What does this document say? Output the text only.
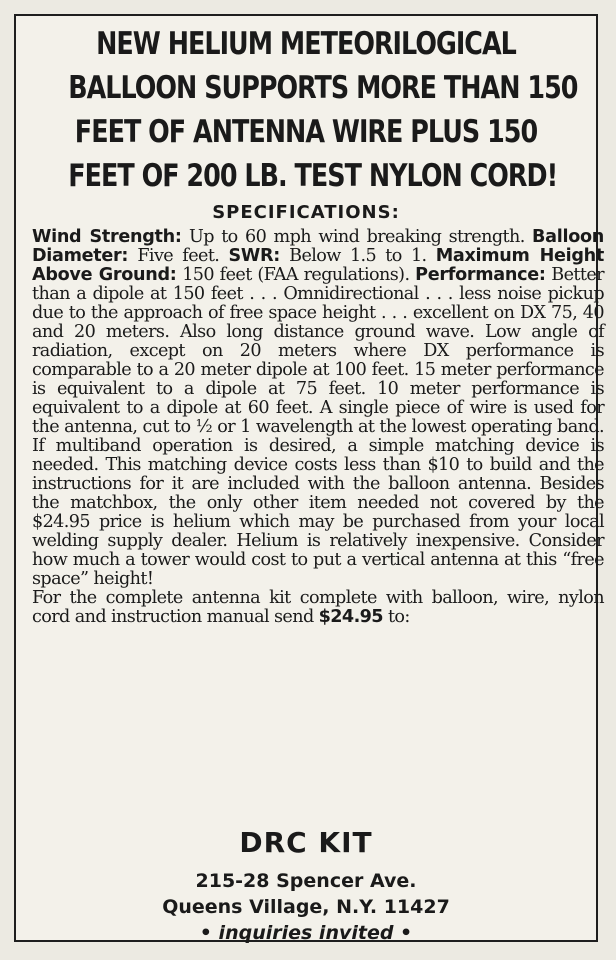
NEW HELIUM METEORILOGICAL
BALLOON SUPPORTS MORE THAN 150
FEET OF ANTENNA WIRE PLUS 150
FEET OF 200 LB. TEST NYLON CORD!
SPECIFICATIONS:
Wind Strength: Up to 60 mph wind breaking strength. Balloon Diameter: Five feet. SWR: Below 1.5 to 1. Maximum Height Above Ground: 150 feet (FAA regulations). Performance: Better than a dipole at 150 feet . . . Omnidirectional . . . less noise pickup due to the approach of free space height . . . excellent on DX 75, 40 and 20 meters. Also long distance ground wave. Low angle of radiation, except on 20 meters where DX performance is comparable to a 20 meter dipole at 100 feet. 15 meter performance is equivalent to a dipole at 75 feet. 10 meter performance is equivalent to a dipole at 60 feet. A single piece of wire is used for the antenna, cut to ½ or 1 wavelength at the lowest operating band. If multiband operation is desired, a simple matching device is needed. This matching device costs less than $10 to build and the instructions for it are included with the balloon antenna. Besides the matchbox, the only other item needed not covered by the $24.95 price is helium which may be purchased from your local welding supply dealer. Helium is relatively inexpensive. Consider how much a tower would cost to put a vertical antenna at this “free space” height!
For the complete antenna kit complete with balloon, wire, nylon cord and instruction manual send $24.95 to:
DRC KIT
215-28 Spencer Ave.
Queens Village, N.Y. 11427
• inquiries invited •
